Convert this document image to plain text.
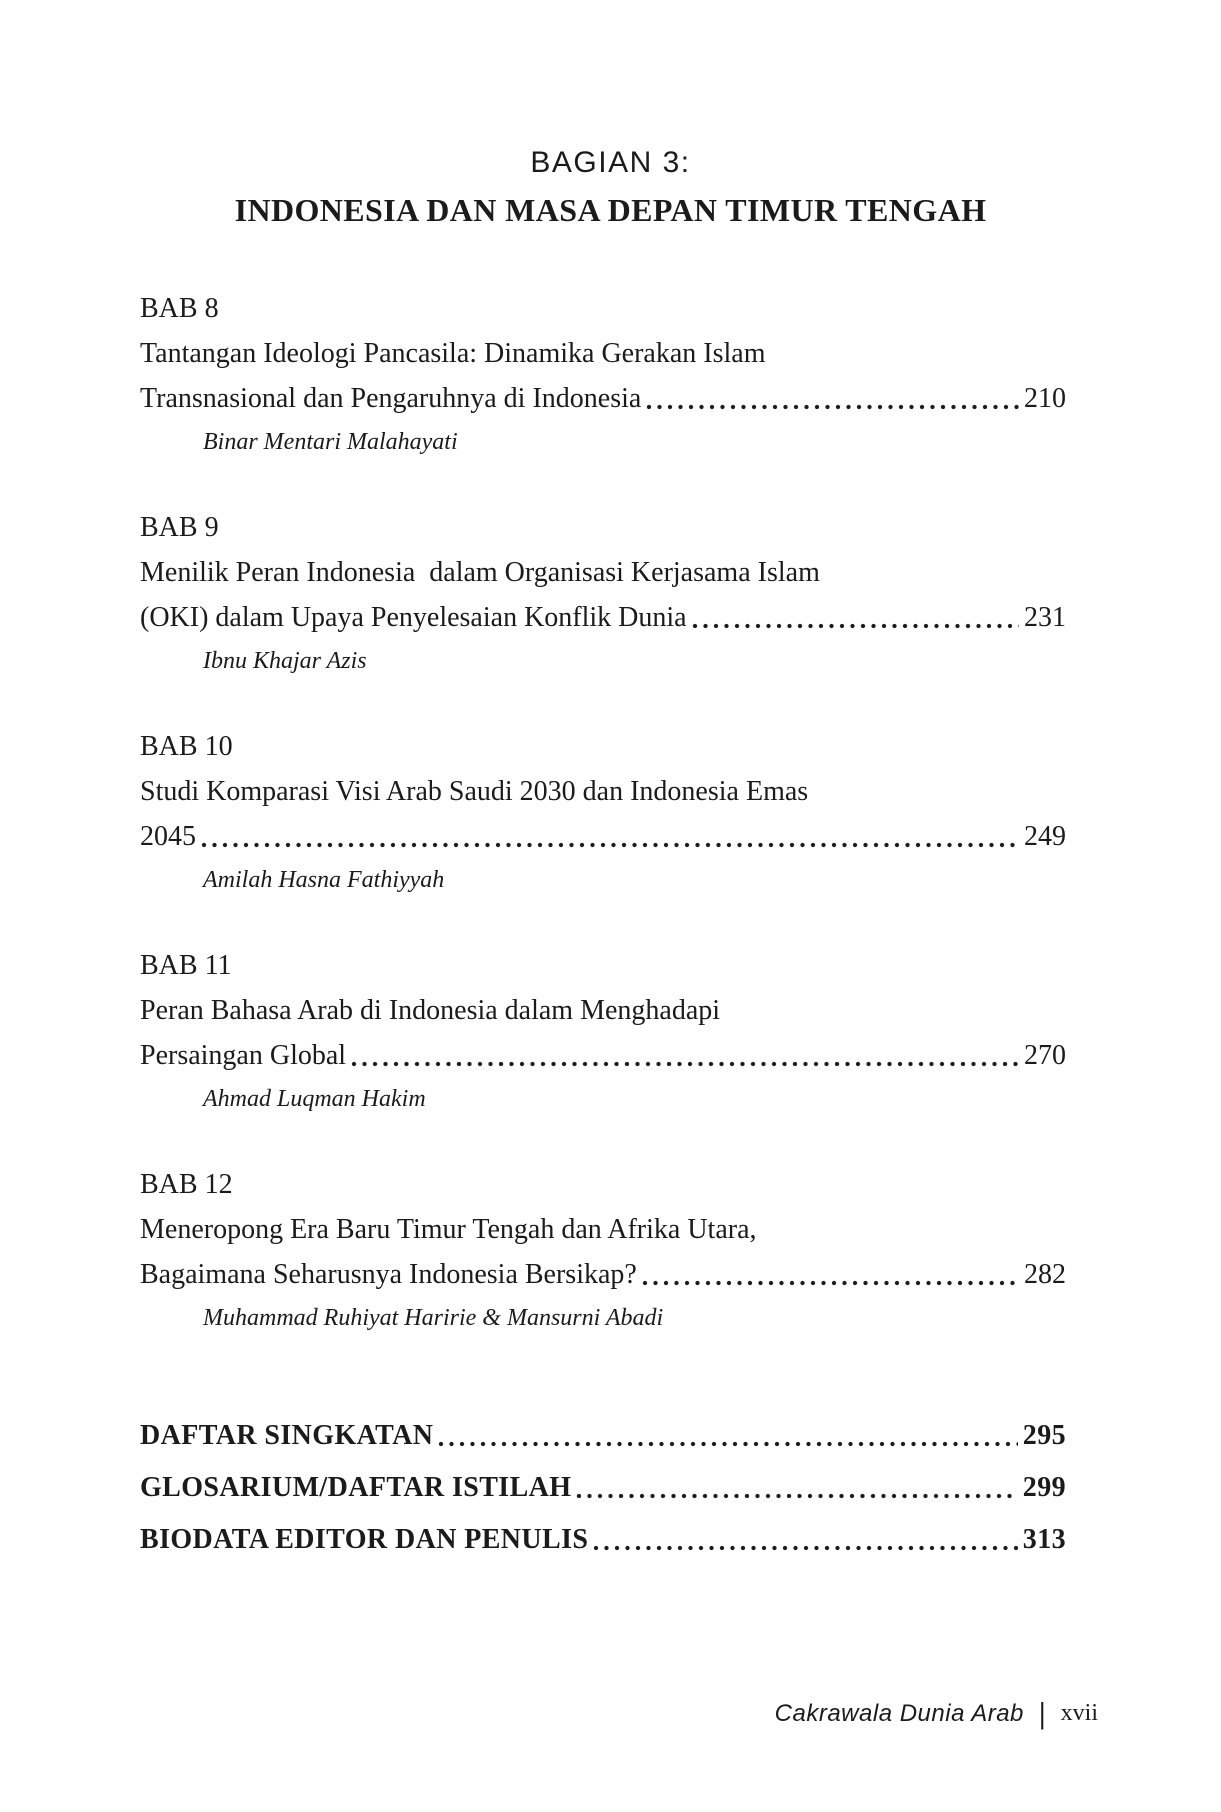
BAGIAN 3:
INDONESIA DAN MASA DEPAN TIMUR TENGAH
BAB 8
Tantangan Ideologi Pancasila: Dinamika Gerakan Islam
Transnasional dan Pengaruhnya di Indonesia	210
Binar Mentari Malahayati
BAB 9
Menilik Peran Indonesia  dalam Organisasi Kerjasama Islam
(OKI) dalam Upaya Penyelesaian Konflik Dunia	231
Ibnu Khajar Azis
BAB 10
Studi Komparasi Visi Arab Saudi 2030 dan Indonesia Emas
2045	249
Amilah Hasna Fathiyyah
BAB 11
Peran Bahasa Arab di Indonesia dalam Menghadapi
Persaingan Global	270
Ahmad Luqman Hakim
BAB 12
Meneropong Era Baru Timur Tengah dan Afrika Utara,
Bagaimana Seharusnya Indonesia Bersikap?	282
Muhammad Ruhiyat Haririe & Mansurni Abadi
DAFTAR SINGKATAN	295
GLOSARIUM/DAFTAR ISTILAH	299
BIODATA EDITOR DAN PENULIS	313
Cakrawala Dunia Arab | xvii
